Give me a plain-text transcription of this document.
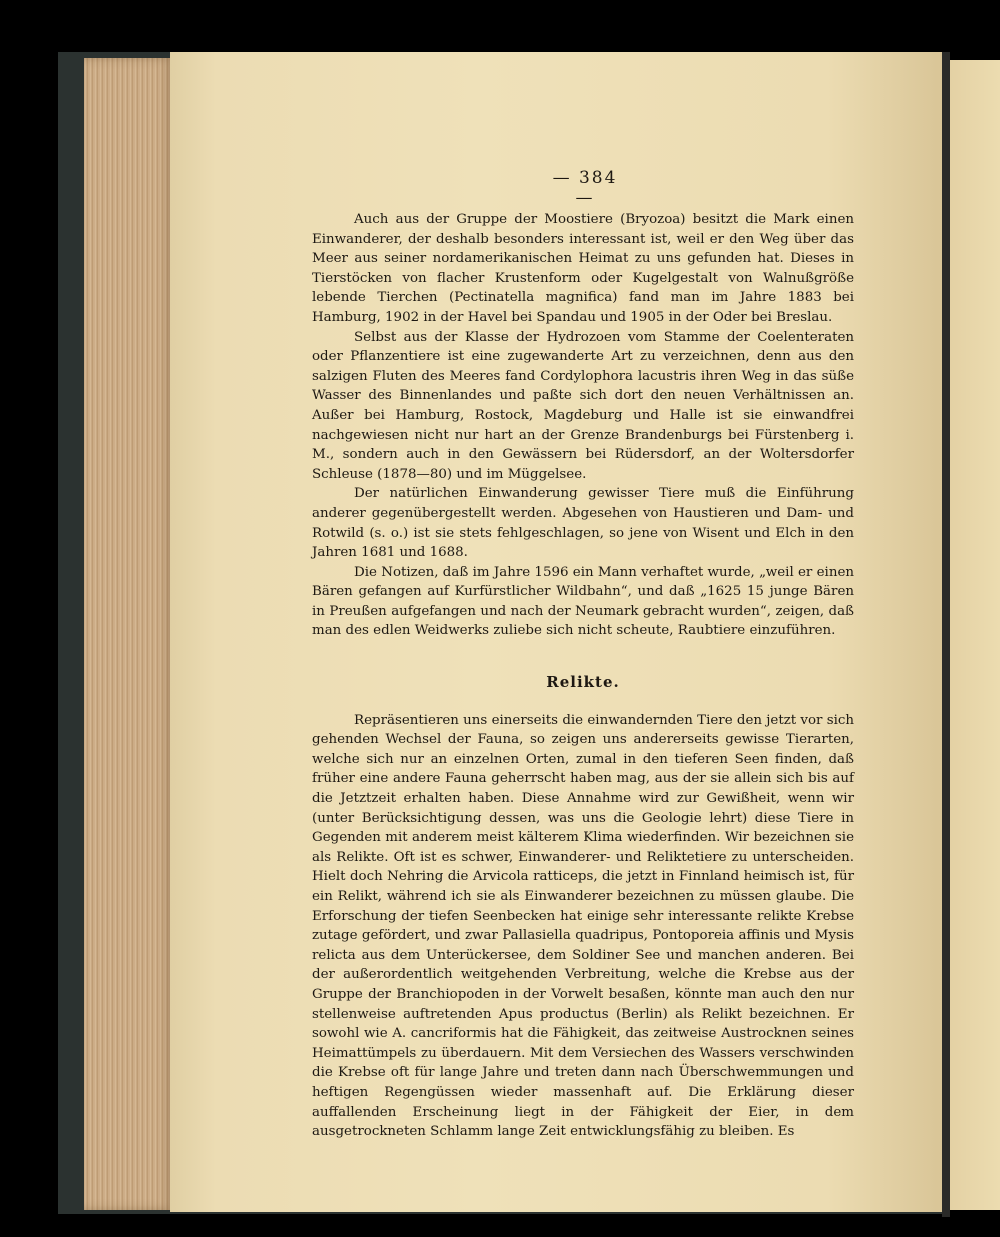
— 384 —

Auch aus der Gruppe der Moostiere (Bryozoa) besitzt die Mark einen Einwanderer, der deshalb besonders interessant ist, weil er den Weg über das Meer aus seiner nordamerikanischen Heimat zu uns gefunden hat. Dieses in Tierstöcken von flacher Krustenform oder Kugelgestalt von Walnußgröße lebende Tierchen (Pectinatella magnifica) fand man im Jahre 1883 bei Hamburg, 1902 in der Havel bei Spandau und 1905 in der Oder bei Breslau.

Selbst aus der Klasse der Hydrozoen vom Stamme der Coelenteraten oder Pflanzentiere ist eine zugewanderte Art zu verzeichnen, denn aus den salzigen Fluten des Meeres fand Cordylophora lacustris ihren Weg in das süße Wasser des Binnenlandes und paßte sich dort den neuen Verhältnissen an. Außer bei Hamburg, Rostock, Magdeburg und Halle ist sie einwandfrei nachgewiesen nicht nur hart an der Grenze Brandenburgs bei Fürstenberg i. M., sondern auch in den Gewässern bei Rüdersdorf, an der Woltersdorfer Schleuse (1878—80) und im Müggelsee.

Der natürlichen Einwanderung gewisser Tiere muß die Einführung anderer gegenübergestellt werden. Abgesehen von Haustieren und Dam- und Rotwild (s. o.) ist sie stets fehlgeschlagen, so jene von Wisent und Elch in den Jahren 1681 und 1688.

Die Notizen, daß im Jahre 1596 ein Mann verhaftet wurde, „weil er einen Bären gefangen auf Kurfürstlicher Wildbahn“, und daß „1625 15 junge Bären in Preußen aufgefangen und nach der Neumark gebracht wurden“, zeigen, daß man des edlen Weidwerks zuliebe sich nicht scheute, Raubtiere einzuführen.

Relikte.

Repräsentieren uns einerseits die einwandernden Tiere den jetzt vor sich gehenden Wechsel der Fauna, so zeigen uns andererseits gewisse Tierarten, welche sich nur an einzelnen Orten, zumal in den tieferen Seen finden, daß früher eine andere Fauna geherrscht haben mag, aus der sie allein sich bis auf die Jetztzeit erhalten haben. Diese Annahme wird zur Gewißheit, wenn wir (unter Berücksichtigung dessen, was uns die Geologie lehrt) diese Tiere in Gegenden mit anderem meist kälterem Klima wiederfinden. Wir bezeichnen sie als Relikte. Oft ist es schwer, Einwanderer- und Reliktetiere zu unterscheiden. Hielt doch Nehring die Arvicola ratticeps, die jetzt in Finnland heimisch ist, für ein Relikt, während ich sie als Einwanderer bezeichnen zu müssen glaube. Die Erforschung der tiefen Seenbecken hat einige sehr interessante relikte Krebse zutage gefördert, und zwar Pallasiella quadripus, Pontoporeia affinis und Mysis relicta aus dem Unterückersee, dem Soldiner See und manchen anderen. Bei der außerordentlich weitgehenden Verbreitung, welche die Krebse aus der Gruppe der Branchiopoden in der Vorwelt besaßen, könnte man auch den nur stellenweise auftretenden Apus productus (Berlin) als Relikt bezeichnen. Er sowohl wie A. cancriformis hat die Fähigkeit, das zeitweise Austrocknen seines Heimattümpels zu überdauern. Mit dem Versiechen des Wassers verschwinden die Krebse oft für lange Jahre und treten dann nach Überschwemmungen und heftigen Regengüssen wieder massenhaft auf. Die Erklärung dieser auffallenden Erscheinung liegt in der Fähigkeit der Eier, in dem ausgetrockneten Schlamm lange Zeit entwicklungsfähig zu bleiben. Es
